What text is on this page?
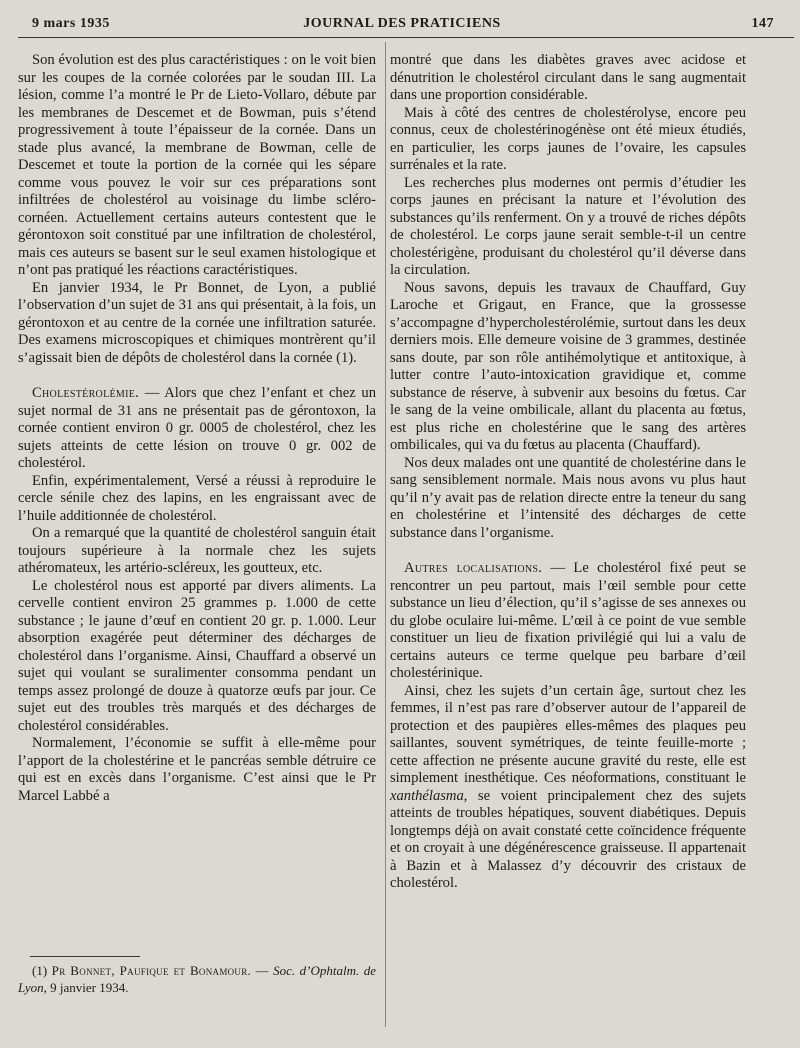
9 mars 1935	JOURNAL DES PRATICIENS	147

Son évolution est des plus caractéristiques : on le voit bien sur les coupes de la cornée colorées par le soudan III. La lésion, comme l’a montré le Pr de Lieto-Vollaro, débute par les membranes de Descemet et de Bowman, puis s’étend progressivement à toute l’épaisseur de la cornée. Dans un stade plus avancé, la membrane de Bowman, celle de Descemet et toute la portion de la cornée qui les sépare comme vous pouvez le voir sur ces préparations sont infiltrées de cholestérol au voisinage du limbe scléro-cornéen. Actuellement certains auteurs contestent que le gérontoxon soit constitué par une infiltration de cholestérol, mais ces auteurs se basent sur le seul examen histologique et n’ont pas pratiqué les réactions caractéristiques.

En janvier 1934, le Pr Bonnet, de Lyon, a publié l’observation d’un sujet de 31 ans qui présentait, à la fois, un gérontoxon et au centre de la cornée une infiltration saturée. Des examens microscopiques et chimiques montrèrent qu’il s’agissait bien de dépôts de cholestérol dans la cornée (1).

Cholestérolémie. — Alors que chez l’enfant et chez un sujet normal de 31 ans ne présentait pas de gérontoxon, la cornée contient environ 0 gr. 0005 de cholestérol, chez les sujets atteints de cette lésion on trouve 0 gr. 002 de cholestérol.

Enfin, expérimentalement, Versé a réussi à reproduire le cercle sénile chez des lapins, en les engraissant avec de l’huile additionnée de cholestérol.

On a remarqué que la quantité de cholestérol sanguin était toujours supérieure à la normale chez les sujets athéromateux, les artério-scléreux, les goutteux, etc.

Le cholestérol nous est apporté par divers aliments. La cervelle contient environ 25 grammes p. 1.000 de cette substance ; le jaune d’œuf en contient 20 gr. p. 1.000. Leur absorption exagérée peut déterminer des décharges de cholestérol dans l’organisme. Ainsi, Chauffard a observé un sujet qui voulant se suralimenter consomma pendant un temps assez prolongé de douze à quatorze œufs par jour. Ce sujet eut des troubles très marqués et des décharges de cholestérol considérables.

Normalement, l’économie se suffit à elle-même pour l’apport de la cholestérine et le pancréas semble détruire ce qui est en excès dans l’organisme. C’est ainsi que le Pr Marcel Labbé a

(1) Pr Bonnet, Paufique et Bonamour. — Soc. d’Ophtalm. de Lyon, 9 janvier 1934.

montré que dans les diabètes graves avec acidose et dénutrition le cholestérol circulant dans le sang augmentait dans une proportion considérable.

Mais à côté des centres de cholestérolyse, encore peu connus, ceux de cholestérinogénèse ont été mieux étudiés, en particulier, les corps jaunes de l’ovaire, les capsules surrénales et la rate.

Les recherches plus modernes ont permis d’étudier les corps jaunes en précisant la nature et l’évolution des substances qu’ils renferment. On y a trouvé de riches dépôts de cholestérol. Le corps jaune serait semble-t-il un centre cholestérigène, produisant du cholestérol qu’il déverse dans la circulation.

Nous savons, depuis les travaux de Chauffard, Guy Laroche et Grigaut, en France, que la grossesse s’accompagne d’hypercholestérolémie, surtout dans les deux derniers mois. Elle demeure voisine de 3 grammes, destinée sans doute, par son rôle antihémolytique et antitoxique, à lutter contre l’auto-intoxication gravidique et, comme substance de réserve, à subvenir aux besoins du fœtus. Car le sang de la veine ombilicale, allant du placenta au fœtus, est plus riche en cholestérine que le sang des artères ombilicales, qui va du fœtus au placenta (Chauffard).

Nos deux malades ont une quantité de cholestérine dans le sang sensiblement normale. Mais nous avons vu plus haut qu’il n’y avait pas de relation directe entre la teneur du sang en cholestérine et l’intensité des décharges de cette substance dans l’organisme.

Autres localisations. — Le cholestérol fixé peut se rencontrer un peu partout, mais l’œil semble pour cette substance un lieu d’élection, qu’il s’agisse de ses annexes ou du globe oculaire lui-même. L’œil à ce point de vue semble constituer un lieu de fixation privilégié qui lui a valu de certains auteurs ce terme quelque peu barbare d’œil cholestérinique.

Ainsi, chez les sujets d’un certain âge, surtout chez les femmes, il n’est pas rare d’observer autour de l’appareil de protection et des paupières elles-mêmes des plaques peu saillantes, souvent symétriques, de teinte feuille-morte ; cette affection ne présente aucune gravité du reste, elle est simplement inesthétique. Ces néoformations, constituant le xanthélasma, se voient principalement chez des sujets atteints de troubles hépatiques, souvent diabétiques. Depuis longtemps déjà on avait constaté cette coïncidence fréquente et on croyait à une dégénérescence graisseuse. Il appartenait à Bazin et à Malassez d’y découvrir des cristaux de cholestérol.
